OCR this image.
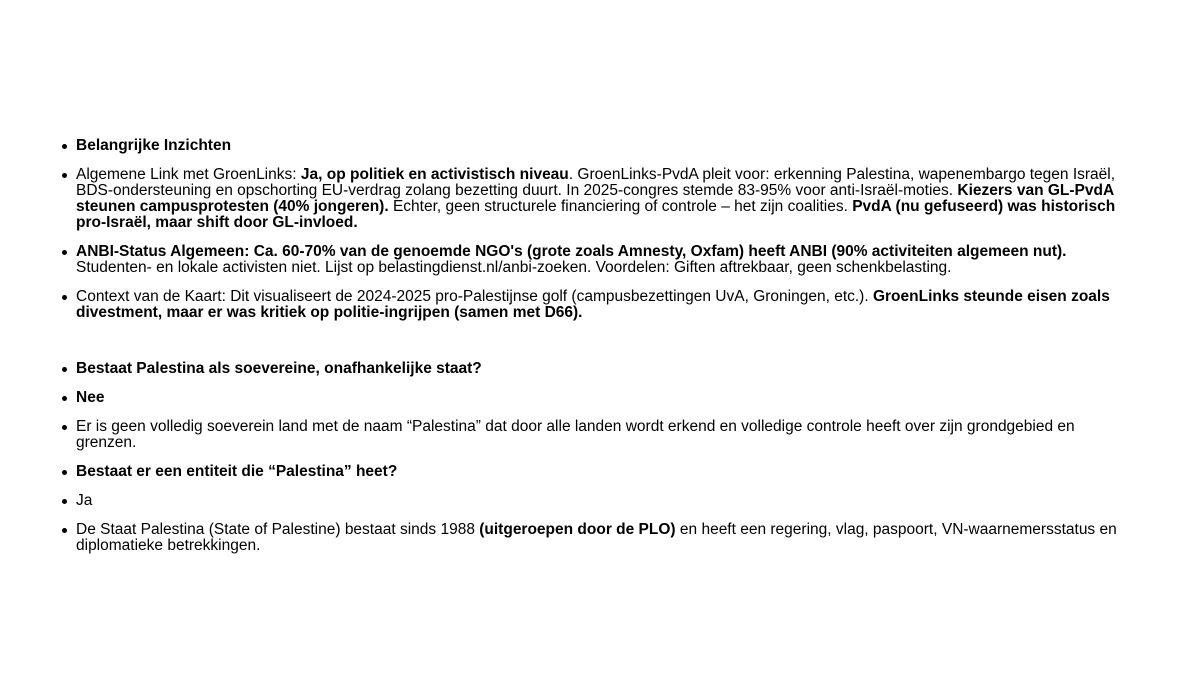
Belangrijke Inzichten
Algemene Link met GroenLinks: Ja, op politiek en activistisch niveau. GroenLinks-PvdA pleit voor: erkenning Palestina, wapenembargo tegen Israël, BDS-ondersteuning en opschorting EU-verdrag zolang bezetting duurt. In 2025-congres stemde 83-95% voor anti-Israël-moties. Kiezers van GL-PvdA steunen campusprotesten (40% jongeren). Echter, geen structurele financiering of controle – het zijn coalities. PvdA (nu gefuseerd) was historisch pro-Israël, maar shift door GL-invloed.
ANBI-Status Algemeen: Ca. 60-70% van de genoemde NGO's (grote zoals Amnesty, Oxfam) heeft ANBI (90% activiteiten algemeen nut). Studenten- en lokale activisten niet. Lijst op belastingdienst.nl/anbi-zoeken. Voordelen: Giften aftrekbaar, geen schenkbelasting.
Context van de Kaart: Dit visualiseert de 2024-2025 pro-Palestijnse golf (campusbezettingen UvA, Groningen, etc.). GroenLinks steunde eisen zoals divestment, maar er was kritiek op politie-ingrijpen (samen met D66).
Bestaat Palestina als soevereine, onafhankelijke staat?
Nee
Er is geen volledig soeverein land met de naam “Palestina” dat door alle landen wordt erkend en volledige controle heeft over zijn grondgebied en grenzen.
Bestaat er een entiteit die “Palestina” heet?
Ja
De Staat Palestina (State of Palestine) bestaat sinds 1988 (uitgeroepen door de PLO) en heeft een regering, vlag, paspoort, VN-waarnemersstatus en diplomatieke betrekkingen.
